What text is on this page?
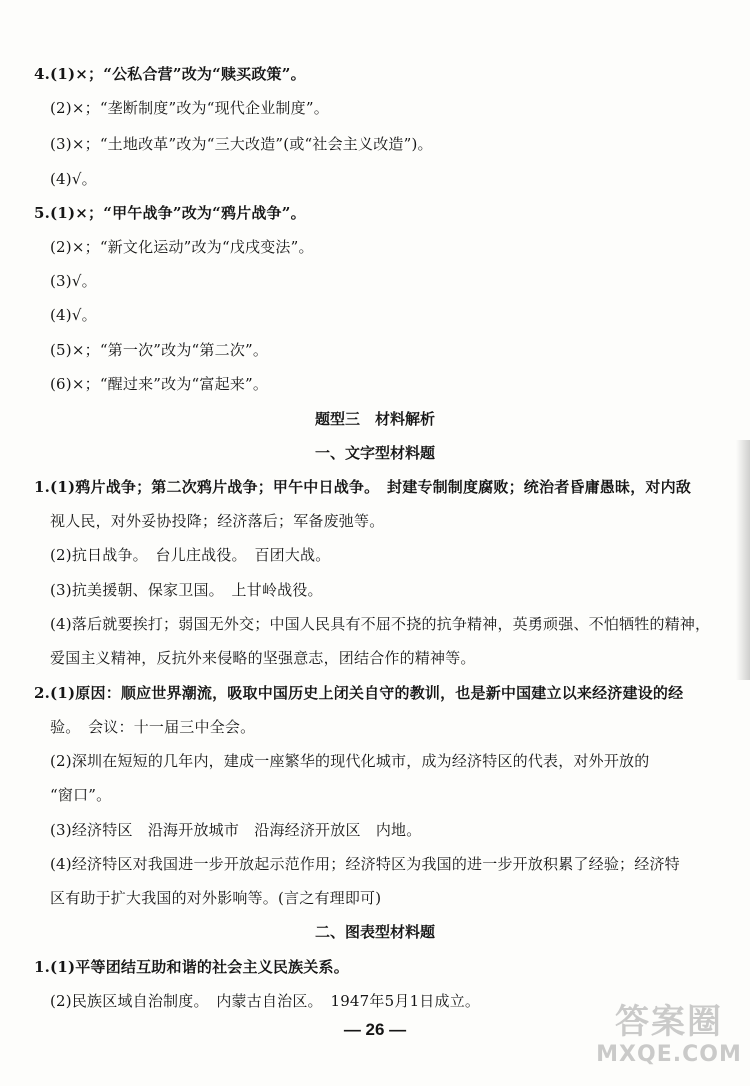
4.(1)×；“公私合营”改为“赎买政策”。
(2)×；“垄断制度”改为“现代企业制度”。
(3)×；“土地改革”改为“三大改造”(或“社会主义改造”)。
(4)√。
5.(1)×；“甲午战争”改为“鸦片战争”。
(2)×；“新文化运动”改为“戊戌变法”。
(3)√。
(4)√。
(5)×；“第一次”改为“第二次”。
(6)×；“醒过来”改为“富起来”。
题型三　材料解析
一、文字型材料题
1.(1)鸦片战争；第二次鸦片战争；甲午中日战争。　封建专制制度腐败；统治者昏庸愚昧，对内敌
视人民，对外妥协投降；经济落后；军备废弛等。
(2)抗日战争。　台儿庄战役。　百团大战。
(3)抗美援朝、保家卫国。　上甘岭战役。
(4)落后就要挨打；弱国无外交；中国人民具有不屈不挠的抗争精神，英勇顽强、不怕牺牲的精神，
爱国主义精神，反抗外来侵略的坚强意志，团结合作的精神等。
2.(1)原因：顺应世界潮流，吸取中国历史上闭关自守的教训，也是新中国建立以来经济建设的经
验。　会议：十一届三中全会。
(2)深圳在短短的几年内，建成一座繁华的现代化城市，成为经济特区的代表，对外开放的
“窗口”。
(3)经济特区　沿海开放城市　沿海经济开放区　内地。
(4)经济特区对我国进一步开放起示范作用；经济特区为我国的进一步开放积累了经验；经济特
区有助于扩大我国的对外影响等。(言之有理即可)
二、图表型材料题
1.(1)平等团结互助和谐的社会主义民族关系。
(2)民族区域自治制度。　内蒙古自治区。　1947年5月1日成立。
— 26 —	答案圈
MXQE.COM
